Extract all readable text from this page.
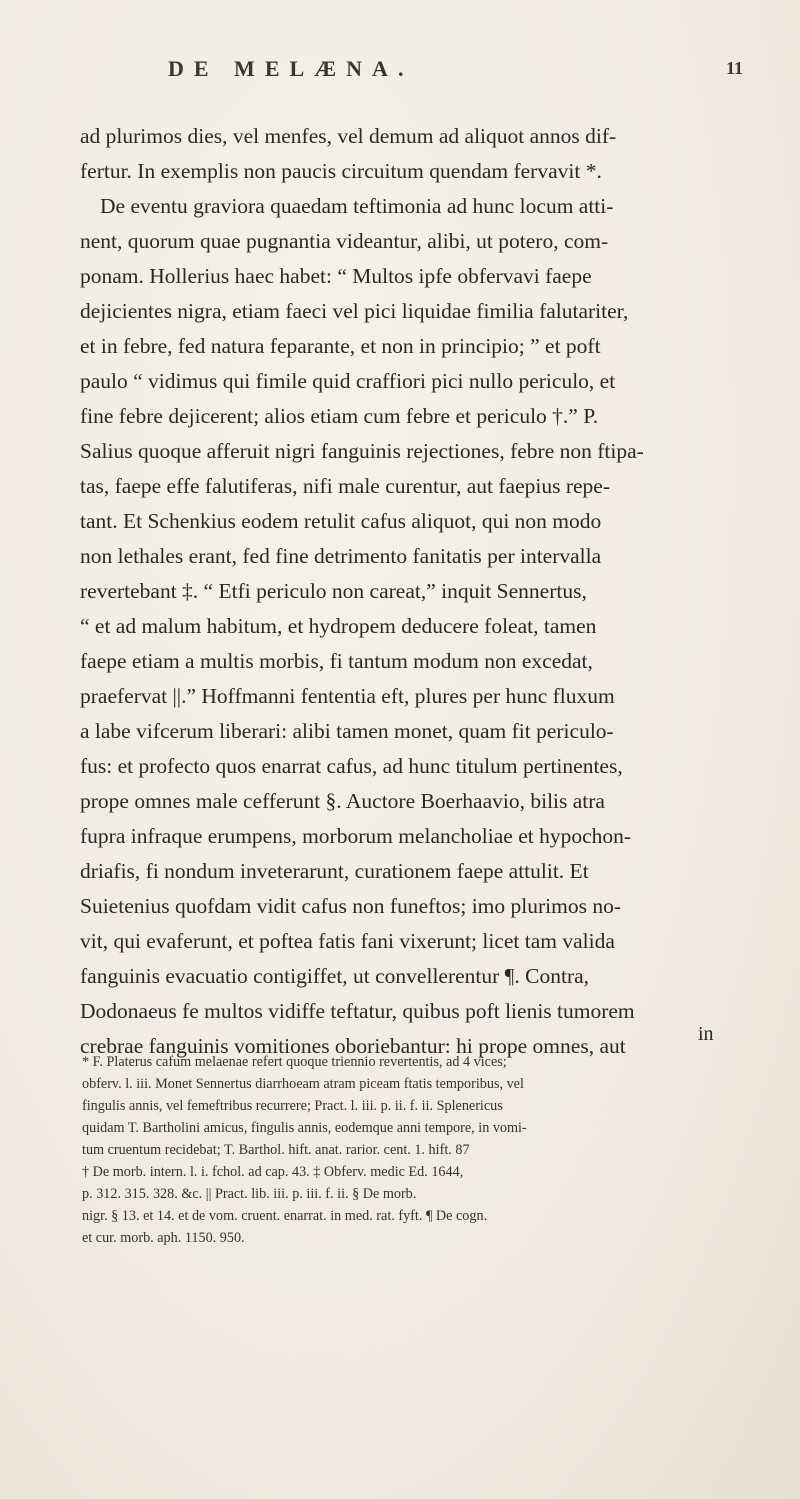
DE MELÆNA.	11
ad plurimos dies, vel menfes, vel demum ad aliquot annos dif-
fertur. In exemplis non paucis circuitum quendam fervavit *.
De eventu graviora quaedam teftimonia ad hunc locum atti-
nent, quorum quae pugnantia videantur, alibi, ut potero, com-
ponam. Hollerius haec habet: “ Multos ipfe obfervavi faepe
dejicientes nigra, etiam faeci vel pici liquidae fimilia falutariter,
et in febre, fed natura feparante, et non in principio; ” et poft
paulo “ vidimus qui fimile quid craffiori pici nullo periculo, et
fine febre dejicerent; alios etiam cum febre et periculo †.” P.
Salius quoque afferuit nigri fanguinis rejectiones, febre non ftipa-
tas, faepe effe falutiferas, nifi male curentur, aut faepius repe-
tant. Et Schenkius eodem retulit cafus aliquot, qui non modo
non lethales erant, fed fine detrimento fanitatis per intervalla
revertebant ‡. “ Etfi periculo non careat,” inquit Sennertus,
“ et ad malum habitum, et hydropem deducere foleat, tamen
faepe etiam a multis morbis, fi tantum modum non excedat,
praefervat ||.” Hoffmanni fententia eft, plures per hunc fluxum
a labe vifcerum liberari: alibi tamen monet, quam fit periculo-
fus: et profecto quos enarrat cafus, ad hunc titulum pertinentes,
prope omnes male cefferunt §. Auctore Boerhaavio, bilis atra
fupra infraque erumpens, morborum melancholiae et hypochon-
driafis, fi nondum inveterarunt, curationem faepe attulit. Et
Suietenius quofdam vidit cafus non funeftos; imo plurimos no-
vit, qui evaferunt, et poftea fatis fani vixerunt; licet tam valida
fanguinis evacuatio contigiffet, ut convellerentur ¶. Contra,
Dodonaeus fe multos vidiffe teftatur, quibus poft lienis tumorem
crebrae fanguinis vomitiones oboriebantur: hi prope omnes, aut	in
* F. Platerus cafum melaenae refert quoque triennio revertentis, ad 4 vices;
obferv. l. iii. Monet Sennertus diarrhoeam atram piceam ftatis temporibus, vel
fingulis annis, vel femeftribus recurrere; Pract. l. iii. p. ii. f. ii. Splenericus
quidam T. Bartholini amicus, fingulis annis, eodemque anni tempore, in vomi-
tum cruentum recidebat; T. Barthol. hift. anat. rarior. cent. 1. hift. 87
† De morb. intern. l. i. fchol. ad cap. 43. ‡ Obferv. medic Ed. 1644,
p. 312. 315. 328. &c. || Pract. lib. iii. p. iii. f. ii. § De morb.
nigr. § 13. et 14. et de vom. cruent. enarrat. in med. rat. fyft. ¶ De cogn.
et cur. morb. aph. 1150. 950.
